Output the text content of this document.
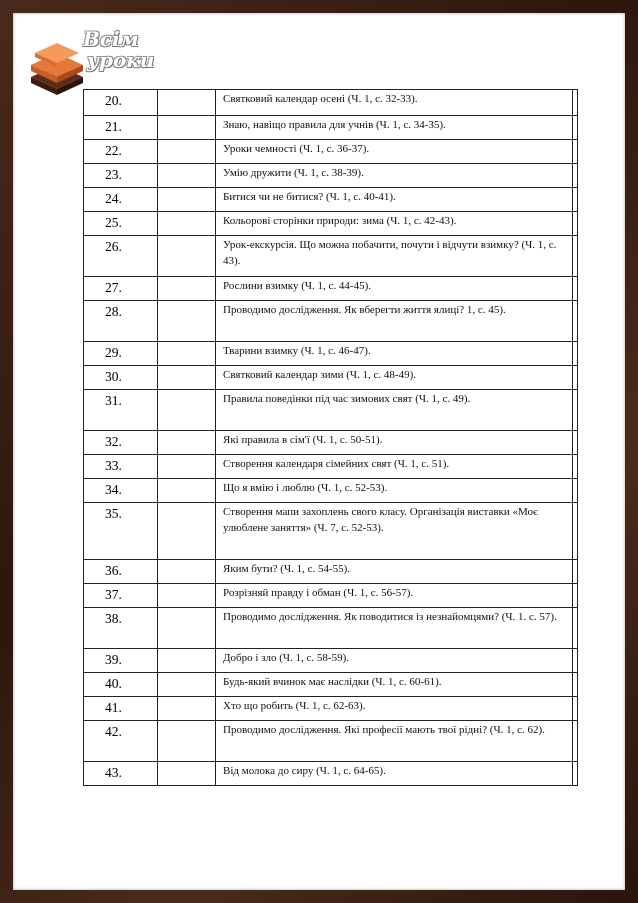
Всім
уроки
20.		Святковий календар осені (Ч. 1, с. 32-33).	
21.		Знаю, навіщо правила для учнів (Ч. 1, с. 34-35).	
22.		Уроки чемності (Ч. 1, с. 36-37).	
23.		Умію дружити (Ч. 1, с. 38-39).	
24.		Битися чи не битися? (Ч. 1, с. 40-41).	
25.		Кольорові сторінки природи: зима (Ч. 1, с. 42-43).	
26.		Урок-екскурсія. Що можна побачити, почути і відчути взимку? (Ч. 1, с. 43).	
27.		Рослини взимку (Ч. 1, с. 44-45).	
28.		Проводимо дослідження. Як вберегти життя ялиці? 1, с. 45).	
29.		Тварини взимку (Ч. 1, с. 46-47).	
30.		Святковий календар зими (Ч. 1, с. 48-49).	
31.		Правила поведінки під час зимових свят (Ч. 1, с. 49).	
32.		Які правила в сім'ї (Ч. 1, с. 50-51).	
33.		Створення календаря сімейних свят (Ч. 1, с. 51).	
34.		Що я вмію і люблю (Ч. 1, с. 52-53).	
35.		Створення мапи захоплень свого класу. Організація виставки «Моє улюблене заняття» (Ч. 7, с. 52-53).	
36.		Яким бути? (Ч. 1, с. 54-55).	
37.		Розрізняй правду і обман (Ч. 1, с. 56-57).	
38.		Проводимо дослідження. Як поводитися із незнайомцями? (Ч. 1. с. 57).	
39.		Добро і зло (Ч. 1, с. 58-59).	
40.		Будь-який вчинок має наслідки (Ч. 1, с. 60-61).	
41.		Хто що робить (Ч. 1, с. 62-63).	
42.		Проводимо дослідження. Які професії мають твої рідні? (Ч. 1, с. 62).	
43.		Від молока до сиру (Ч. 1, с. 64-65).	
